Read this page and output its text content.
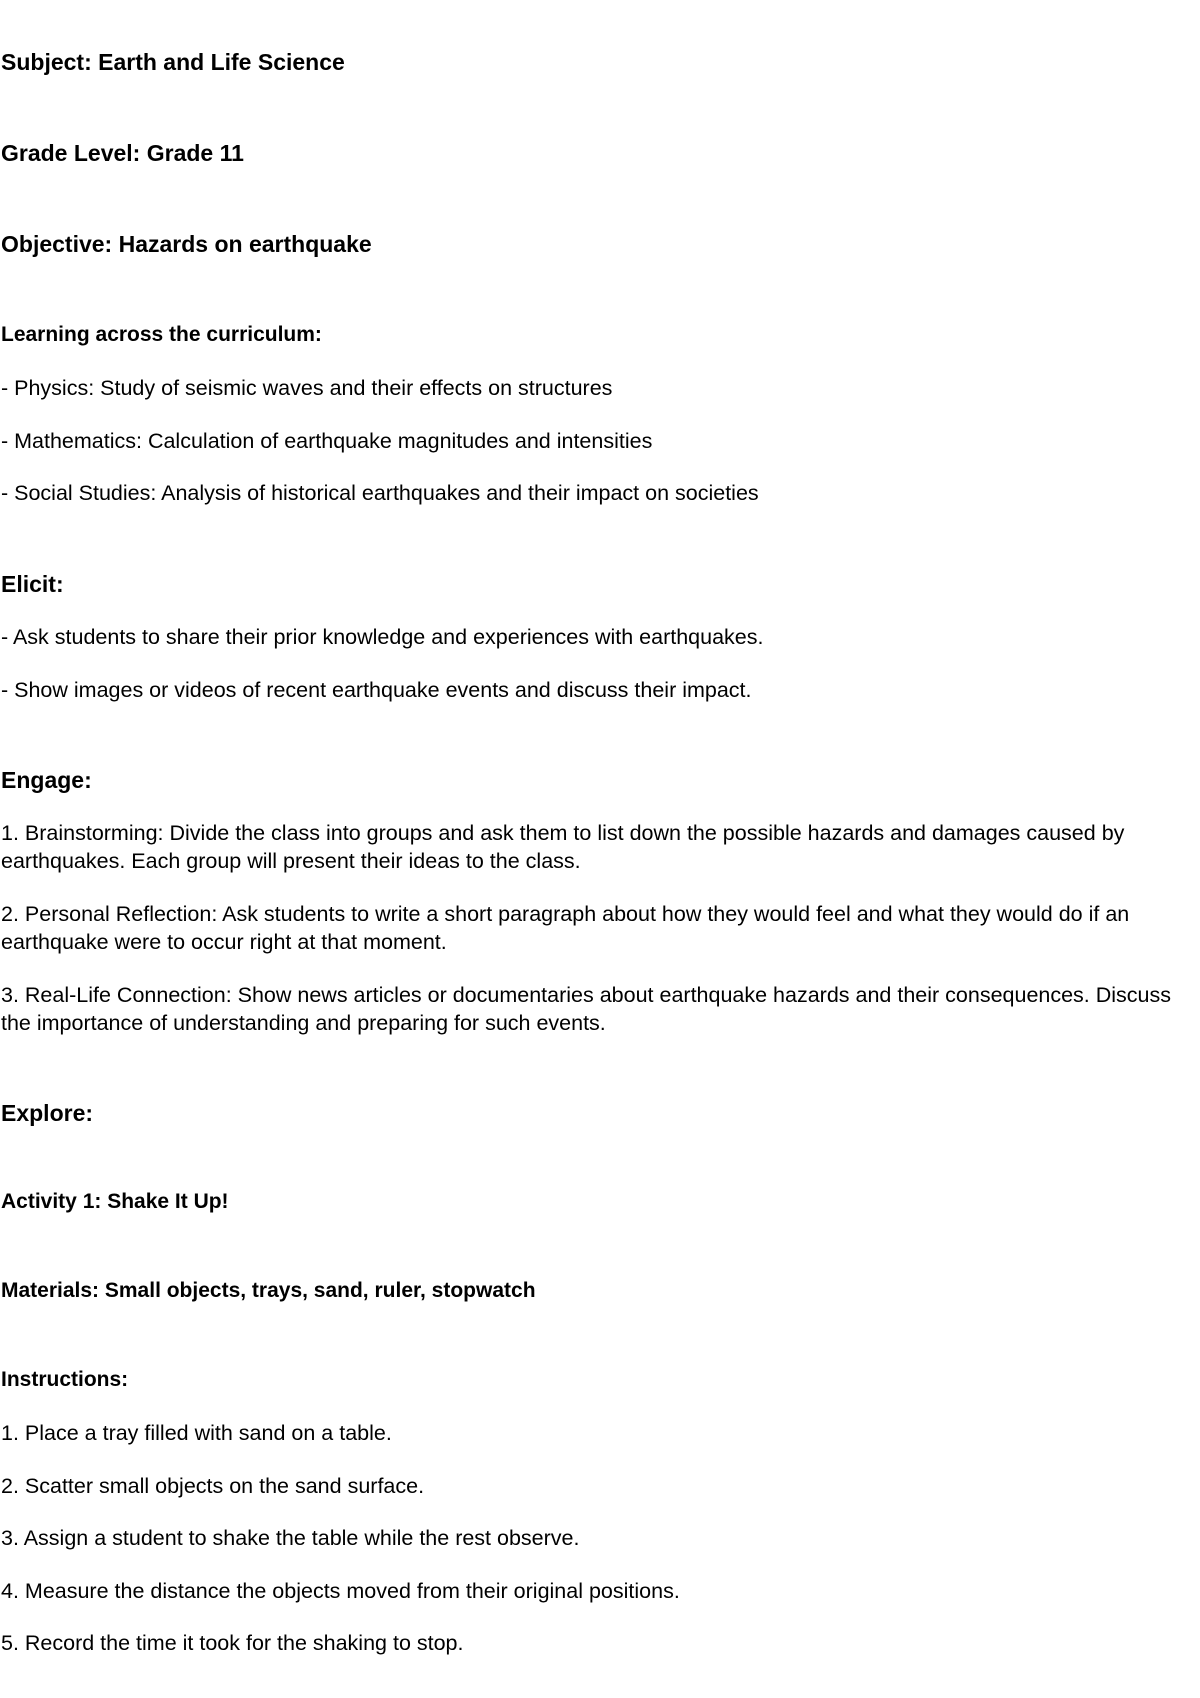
Subject: Earth and Life Science

Grade Level: Grade 11

Objective: Hazards on earthquake

Learning across the curriculum:

- Physics: Study of seismic waves and their effects on structures

- Mathematics: Calculation of earthquake magnitudes and intensities

- Social Studies: Analysis of historical earthquakes and their impact on societies

Elicit:

- Ask students to share their prior knowledge and experiences with earthquakes.

- Show images or videos of recent earthquake events and discuss their impact.

Engage:

1. Brainstorming: Divide the class into groups and ask them to list down the possible hazards and damages caused by earthquakes. Each group will present their ideas to the class.

2. Personal Reflection: Ask students to write a short paragraph about how they would feel and what they would do if an earthquake were to occur right at that moment.

3. Real-Life Connection: Show news articles or documentaries about earthquake hazards and their consequences. Discuss the importance of understanding and preparing for such events.

Explore:

Activity 1: Shake It Up!

Materials: Small objects, trays, sand, ruler, stopwatch

Instructions:

1. Place a tray filled with sand on a table.

2. Scatter small objects on the sand surface.

3. Assign a student to shake the table while the rest observe.

4. Measure the distance the objects moved from their original positions.

5. Record the time it took for the shaking to stop.
